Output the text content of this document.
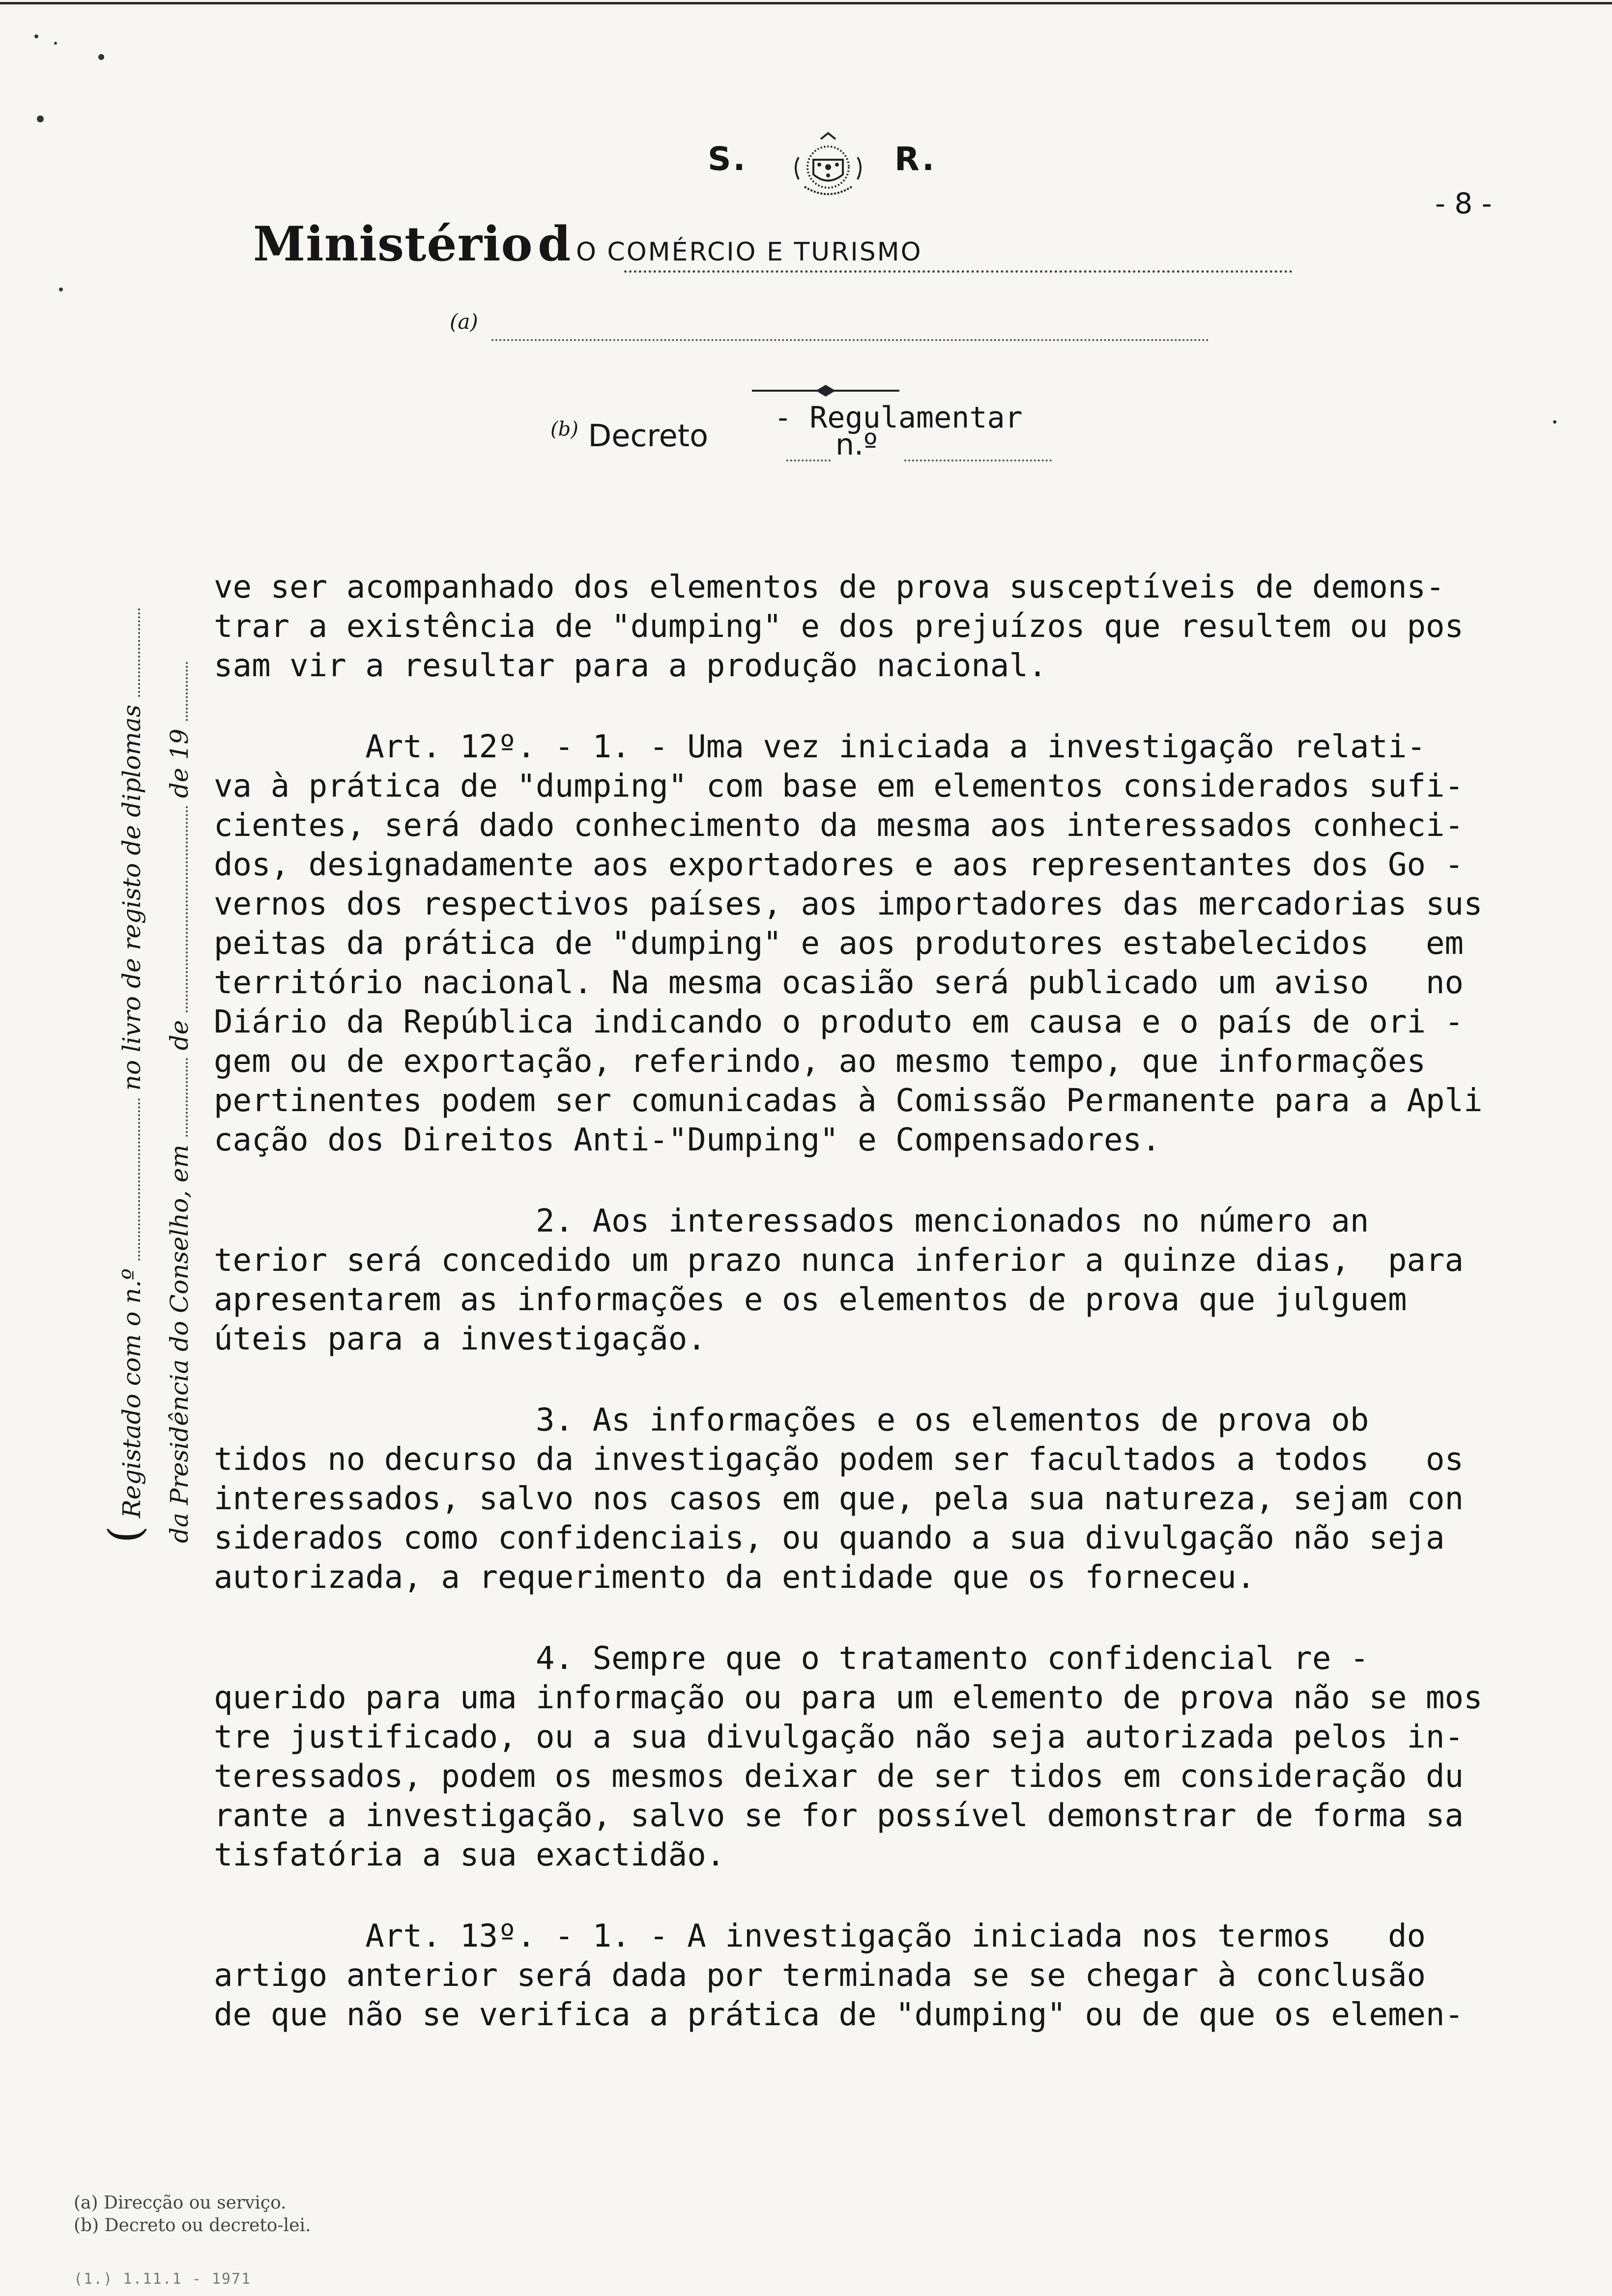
S.	R.
- 8 -
Ministério d O COMÉRCIO E TURISMO
(a)
$^{(b)}$ Decreto - Regulamentar
n.º

ve ser acompanhado dos elementos de prova susceptíveis de demons-

trar a existência de "dumping" e dos prejuízos que resultem ou pos

sam vir a resultar para a produção nacional.

Art. 12º. - 1. - Uma vez iniciada a investigação relati-

va à prática de "dumping" com base em elementos considerados sufi-

cientes, será dado conhecimento da mesma aos interessados conheci-

dos, designadamente aos exportadores e aos representantes dos Go -

vernos dos respectivos países, aos importadores das mercadorias sus

peitas da prática de "dumping" e aos produtores estabelecidos   em

território nacional. Na mesma ocasião será publicado um aviso   no

Diário da República indicando o produto em causa e o país de ori -

gem ou de exportação, referindo, ao mesmo tempo, que informações

pertinentes podem ser comunicadas à Comissão Permanente para a Apli

cação dos Direitos Anti-"Dumping" e Compensadores.

2. Aos interessados mencionados no número an

terior será concedido um prazo nunca inferior a quinze dias,  para

apresentarem as informações e os elementos de prova que julguem

úteis para a investigação.

3. As informações e os elementos de prova ob

tidos no decurso da investigação podem ser facultados a todos   os

interessados, salvo nos casos em que, pela sua natureza, sejam con

siderados como confidenciais, ou quando a sua divulgação não seja

autorizada, a requerimento da entidade que os forneceu.

4. Sempre que o tratamento confidencial re -

querido para uma informação ou para um elemento de prova não se mos

tre justificado, ou a sua divulgação não seja autorizada pelos in-

teressados, podem os mesmos deixar de ser tidos em consideração du

rante a investigação, salvo se for possível demonstrar de forma sa

tisfatória a sua exactidão.

Art. 13º. - 1. - A investigação iniciada nos termos   do

artigo anterior será dada por terminada se se chegar à conclusão

de que não se verifica a prática de "dumping" ou de que os elemen-

( Registado com o n.º  no livro de registo de diplomas
da Presidência do Conselho, em  de  de 19

(a) Direcção ou serviço.

(b) Decreto ou decreto-lei.

(1.) 1.11.1 - 1971
